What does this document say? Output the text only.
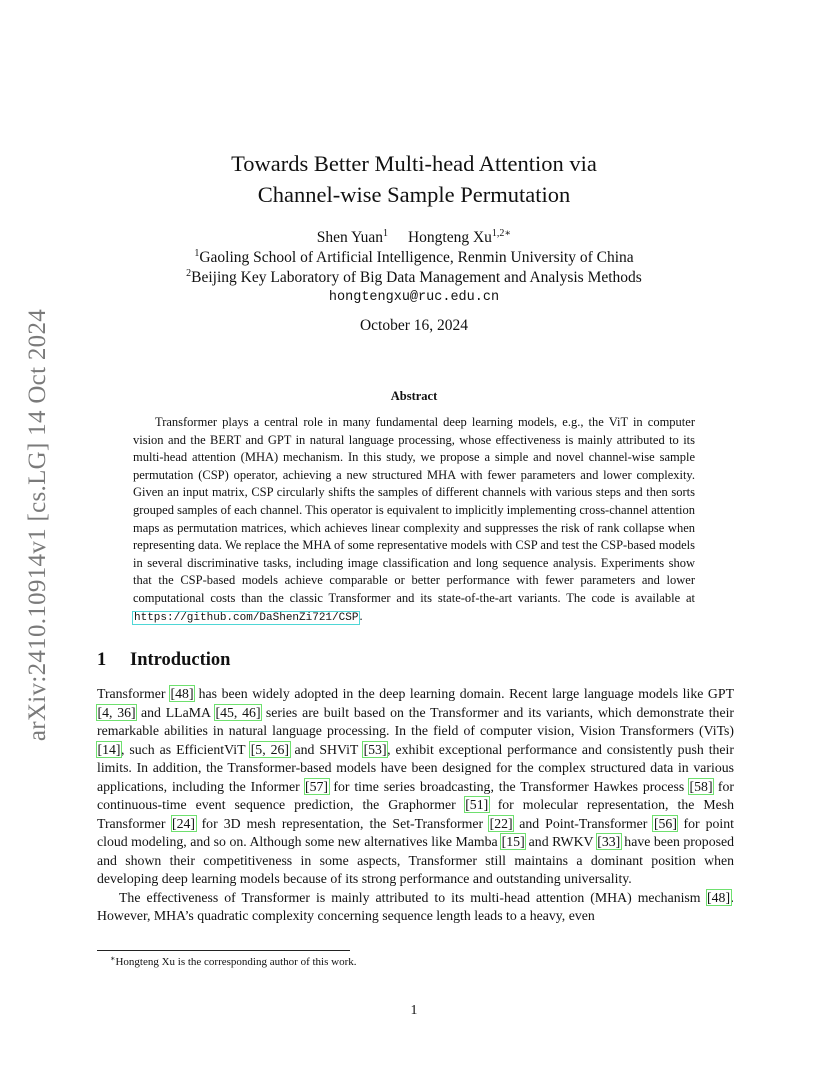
arXiv:2410.10914v1 [cs.LG] 14 Oct 2024
Towards Better Multi-head Attention via
Channel-wise Sample Permutation
Shen Yuan$^1$ Hongteng $Xu^{1,2∗}$
$^1$Gaoling School of Artificial Intelligence, Renmin University of China
$^2$Beijing Key Laboratory of Big Data Management and Analysis Methods
hongtengxu@ruc.edu.cn
October 16, 2024
Abstract
Transformer plays a central role in many fundamental deep learning models, e.g., the ViT in computer vision and the BERT and GPT in natural language processing, whose effectiveness is mainly attributed to its multi-head attention (MHA) mechanism. In this study, we propose a simple and novel channel-wise sample permutation (CSP) operator, achieving a new structured MHA with fewer parameters and lower complexity. Given an input matrix, CSP circularly shifts the samples of different channels with various steps and then sorts grouped samples of each channel. This operator is equivalent to implicitly implementing cross-channel attention maps as permutation matrices, which achieves linear complexity and suppresses the risk of rank collapse when representing data. We replace the MHA of some representative models with CSP and test the CSP-based models in several discriminative tasks, including image classification and long sequence analysis. Experiments show that the CSP-based models achieve comparable or better performance with fewer parameters and lower computational costs than the classic Transformer and its state-of-the-art variants. The code is available at https://github.com/DaShenZi721/CSP.
1 Introduction

Transformer [48] has been widely adopted in the deep learning domain. Recent large language models like GPT [4, 36] and LLaMA [45, 46] series are built based on the Transformer and its variants, which demonstrate their remarkable abilities in natural language processing. In the field of computer vision, Vision Transformers (ViTs) [14], such as EfficientViT [5, 26] and SHViT [53], exhibit exceptional performance and consistently push their limits. In addition, the Transformer-based models have been designed for the complex structured data in various applications, including the Informer [57] for time series broadcasting, the Transformer Hawkes process [58] for continuous-time event sequence prediction, the Graphormer [51] for molecular representation, the Mesh Transformer [24] for 3D mesh representation, the Set-Transformer [22] and Point-Transformer [56] for point cloud modeling, and so on. Although some new alternatives like Mamba [15] and RWKV [33] have been proposed and shown their competitiveness in some aspects, Transformer still maintains a dominant position when developing deep learning models because of its strong performance and outstanding universality.

The effectiveness of Transformer is mainly attributed to its multi-head attention (MHA) mechanism [48]. However, MHA’s quadratic complexity concerning sequence length leads to a heavy, even

∗Hongteng Xu is the corresponding author of this work.
1
